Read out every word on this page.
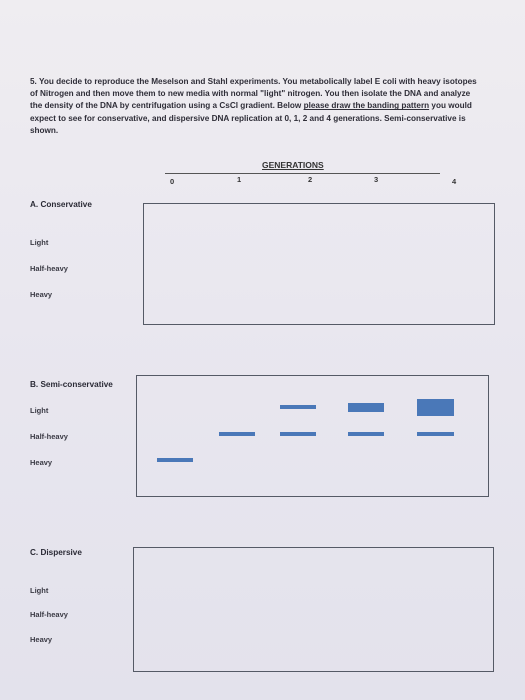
5. You decide to reproduce the Meselson and Stahl experiments. You metabolically label E coli with heavy isotopes of Nitrogen and then move them to new media with normal "light" nitrogen. You then isolate the DNA and analyze the density of the DNA by centrifugation using a CsCl gradient. Below please draw the banding pattern you would expect to see for conservative, and dispersive DNA replication at 0, 1, 2 and 4 generations. Semi-conservative is shown.
GENERATIONS
0	1	2	3	4
A. Conservative
Light
Half-heavy
Heavy
B. Semi-conservative
Light
Half-heavy
Heavy
C. Dispersive
Light
Half-heavy
Heavy
